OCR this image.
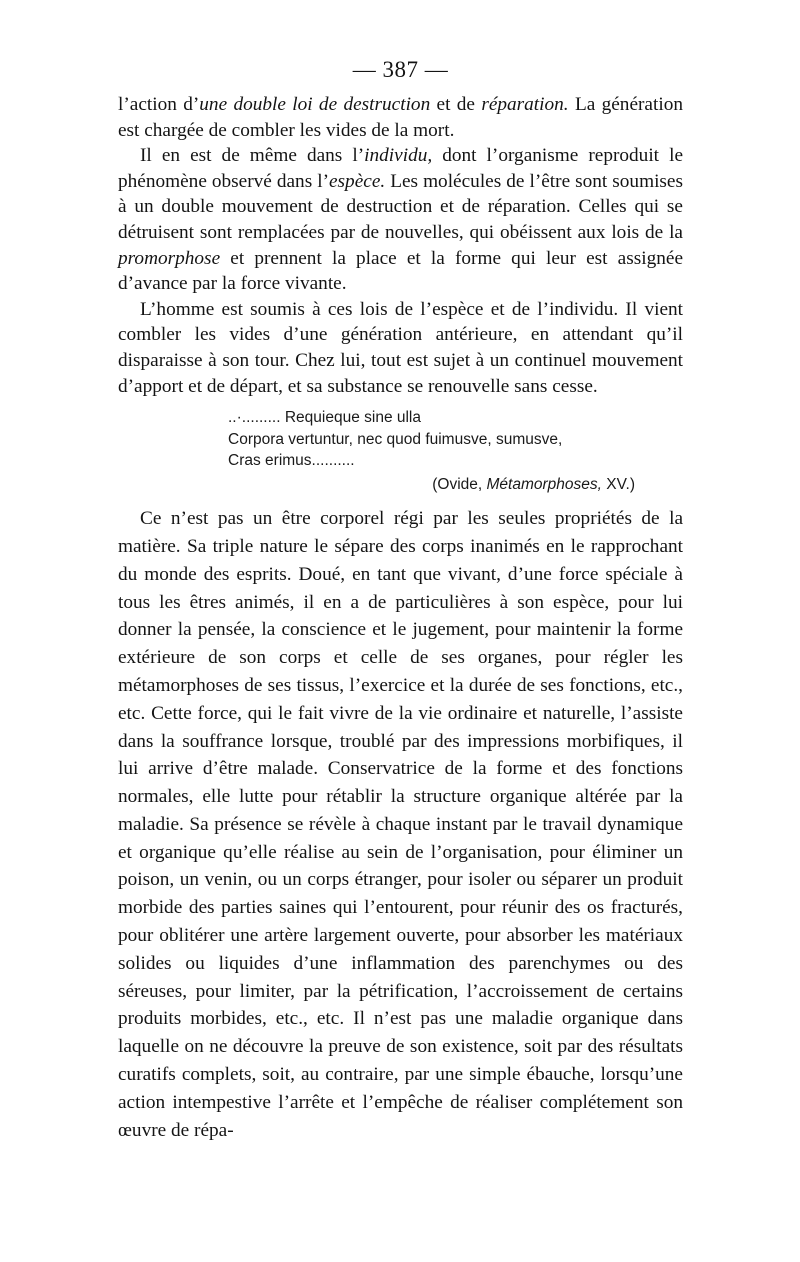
— 387 —

l’action d’une double loi de destruction et de réparation. La génération est chargée de combler les vides de la mort.

Il en est de même dans l’individu, dont l’organisme reproduit le phénomène observé dans l’espèce. Les molécules de l’être sont soumises à un double mouvement de destruction et de réparation. Celles qui se détruisent sont remplacées par de nouvelles, qui obéissent aux lois de la promorphose et prennent la place et la forme qui leur est assignée d’avance par la force vivante.

L’homme est soumis à ces lois de l’espèce et de l’individu. Il vient combler les vides d’une génération antérieure, en attendant qu’il disparaisse à son tour. Chez lui, tout est sujet à un continuel mouvement d’apport et de départ, et sa substance se renouvelle sans cesse.

..·......... Requieque sine ulla
Corpora vertuntur, nec quod fuimusve, sumusve,
Cras erimus..........
(Ovide, Métamorphoses, XV.)

Ce n’est pas un être corporel régi par les seules propriétés de la matière. Sa triple nature le sépare des corps inanimés en le rapprochant du monde des esprits. Doué, en tant que vivant, d’une force spéciale à tous les êtres animés, il en a de particulières à son espèce, pour lui donner la pensée, la conscience et le jugement, pour maintenir la forme extérieure de son corps et celle de ses organes, pour régler les métamorphoses de ses tissus, l’exercice et la durée de ses fonctions, etc., etc. Cette force, qui le fait vivre de la vie ordinaire et naturelle, l’assiste dans la souffrance lorsque, troublé par des impressions morbifiques, il lui arrive d’être malade. Conservatrice de la forme et des fonctions normales, elle lutte pour rétablir la structure organique altérée par la maladie. Sa présence se révèle à chaque instant par le travail dynamique et organique qu’elle réalise au sein de l’organisation, pour éliminer un poison, un venin, ou un corps étranger, pour isoler ou séparer un produit morbide des parties saines qui l’entourent, pour réunir des os fracturés, pour oblitérer une artère largement ouverte, pour absorber les matériaux solides ou liquides d’une inflammation des parenchymes ou des séreuses, pour limiter, par la pétrification, l’accroissement de certains produits morbides, etc., etc. Il n’est pas une maladie organique dans laquelle on ne découvre la preuve de son existence, soit par des résultats curatifs complets, soit, au contraire, par une simple ébauche, lorsqu’une action intempestive l’arrête et l’empêche de réaliser complétement son œuvre de répa-
